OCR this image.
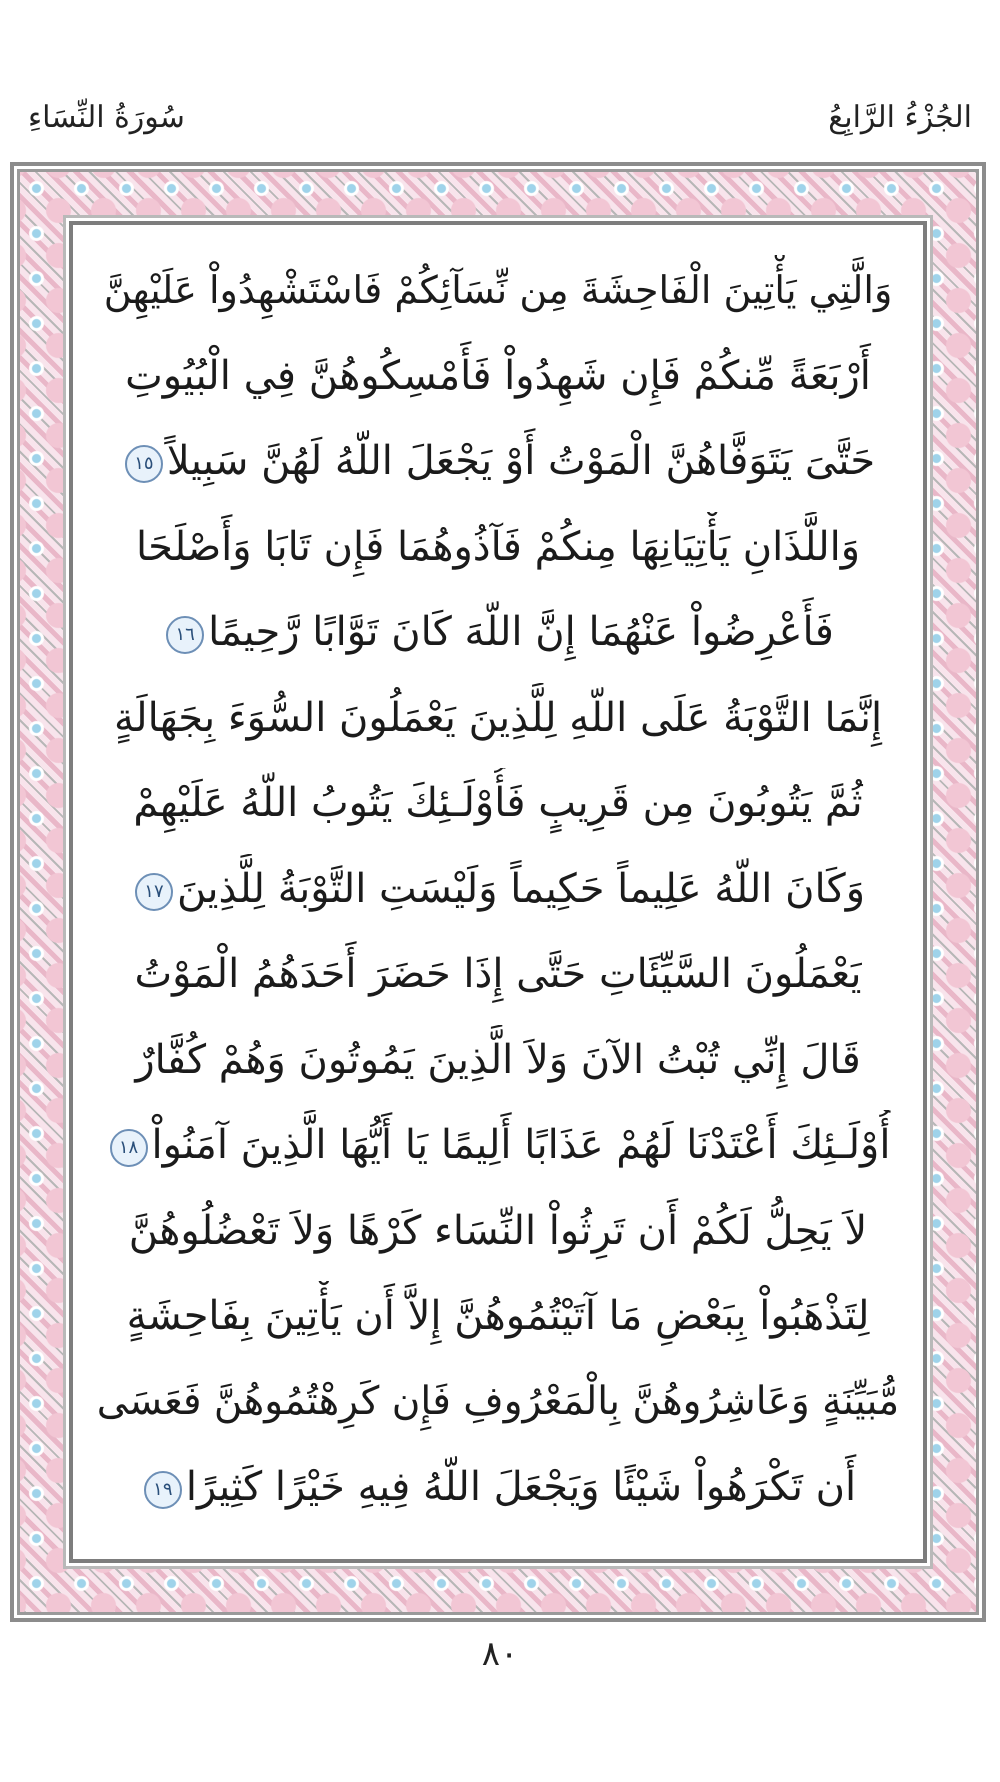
سُورَةُ النِّسَاءِ	الجُزْءُ الرَّابِعُ
وَالَّتِي يَأْتِينَ الْفَاحِشَةَ مِن نِّسَآئِكُمْ فَاسْتَشْهِدُواْ عَلَيْهِنَّ
أَرْبَعَةً مِّنكُمْ فَإِن شَهِدُواْ فَأَمْسِكُوهُنَّ فِي الْبُيُوتِ
حَتَّىَ يَتَوَفَّاهُنَّ الْمَوْتُ أَوْ يَجْعَلَ اللّهُ لَهُنَّ سَبِيلاً١٥
وَاللَّذَانِ يَأْتِيَانِهَا مِنكُمْ فَآذُوهُمَا فَإِن تَابَا وَأَصْلَحَا
فَأَعْرِضُواْ عَنْهُمَا إِنَّ اللّهَ كَانَ تَوَّابًا رَّحِيمًا١٦
إِنَّمَا التَّوْبَةُ عَلَى اللّهِ لِلَّذِينَ يَعْمَلُونَ السُّوَءَ بِجَهَالَةٍ
ثُمَّ يَتُوبُونَ مِن قَرِيبٍ فَأُوْلَـئِكَ يَتُوبُ اللّهُ عَلَيْهِمْ
وَكَانَ اللّهُ عَلِيماً حَكِيماً وَلَيْسَتِ التَّوْبَةُ لِلَّذِينَ١٧
يَعْمَلُونَ السَّيِّئَاتِ حَتَّى إِذَا حَضَرَ أَحَدَهُمُ الْمَوْتُ
قَالَ إِنِّي تُبْتُ الآنَ وَلاَ الَّذِينَ يَمُوتُونَ وَهُمْ كُفَّارٌ
أُوْلَـئِكَ أَعْتَدْنَا لَهُمْ عَذَابًا أَلِيمًا يَا أَيُّهَا الَّذِينَ آمَنُواْ١٨
لاَ يَحِلُّ لَكُمْ أَن تَرِثُواْ النِّسَاء كَرْهًا وَلاَ تَعْضُلُوهُنَّ
لِتَذْهَبُواْ بِبَعْضِ مَا آتَيْتُمُوهُنَّ إِلاَّ أَن يَأْتِينَ بِفَاحِشَةٍ
مُّبَيِّنَةٍ وَعَاشِرُوهُنَّ بِالْمَعْرُوفِ فَإِن كَرِهْتُمُوهُنَّ فَعَسَى
أَن تَكْرَهُواْ شَيْئًا وَيَجْعَلَ اللّهُ فِيهِ خَيْرًا كَثِيرًا١٩
٨٠
